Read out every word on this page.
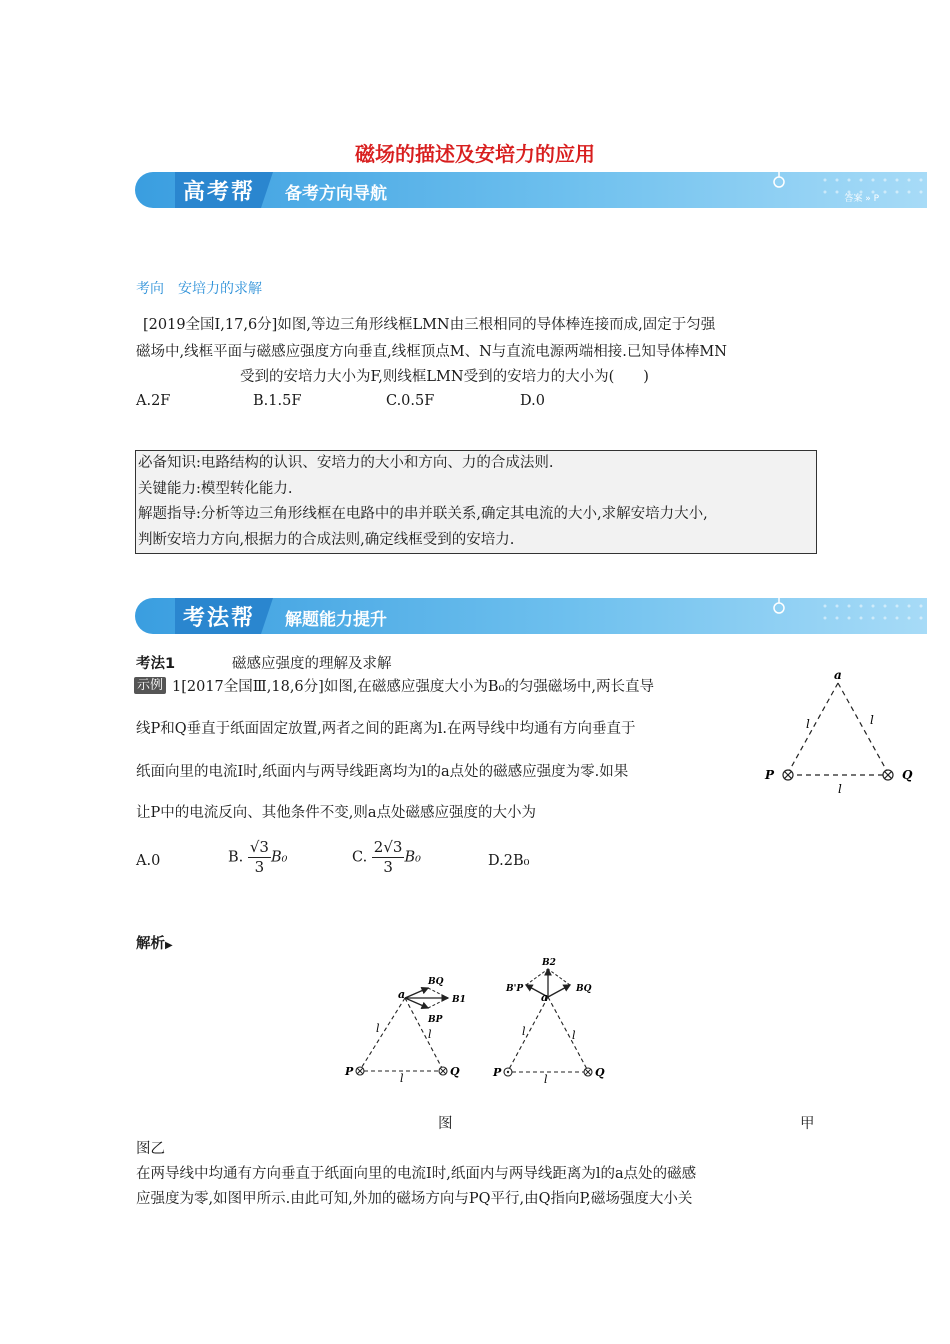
磁场的描述及安培力的应用
高考帮 备考方向导航	答案 » P
考向　安培力的求解
[2019全国Ⅰ,17,6分]如图,等边三角形线框LMN由三根相同的导体棒连接而成,固定于匀强
磁场中,线框平面与磁感应强度方向垂直,线框顶点M、N与直流电源两端相接.已知导体棒MN
受到的安培力大小为F,则线框LMN受到的安培力的大小为(　　)
A.2F	B.1.5F	C.0.5F	D.0
必备知识:电路结构的认识、安培力的大小和方向、力的合成法则.
关键能力:模型转化能力.
解题指导:分析等边三角形线框在电路中的串并联关系,确定其电流的大小,求解安培力大小,
判断安培力方向,根据力的合成法则,确定线框受到的安培力.
考法帮 解题能力提升
考法1	磁感应强度的理解及求解
示例 1[2017全国Ⅲ,18,6分]如图,在磁感应强度大小为B₀的匀强磁场中,两长直导
线P和Q垂直于纸面固定放置,两者之间的距离为l.在两导线中均通有方向垂直于
纸面向里的电流I时,纸面内与两导线距离均为l的a点处的磁感应强度为零.如果
让P中的电流反向、其他条件不变,则a点处磁感应强度的大小为
A.0	B. $\frac{√3}{3} B_0$	C. $\frac{2√3}{3} B_0$	D.2B₀
a
l	l
l
P	Q
解析▶
a
BQ
B1
BP
l	l
l
P	Q
a
B2
B'P	BQ
l	l
l
P	Q
图	甲
图乙
在两导线中均通有方向垂直于纸面向里的电流I时,纸面内与两导线距离为l的a点处的磁感
应强度为零,如图甲所示.由此可知,外加的磁场方向与PQ平行,由Q指向P,磁场强度大小关
